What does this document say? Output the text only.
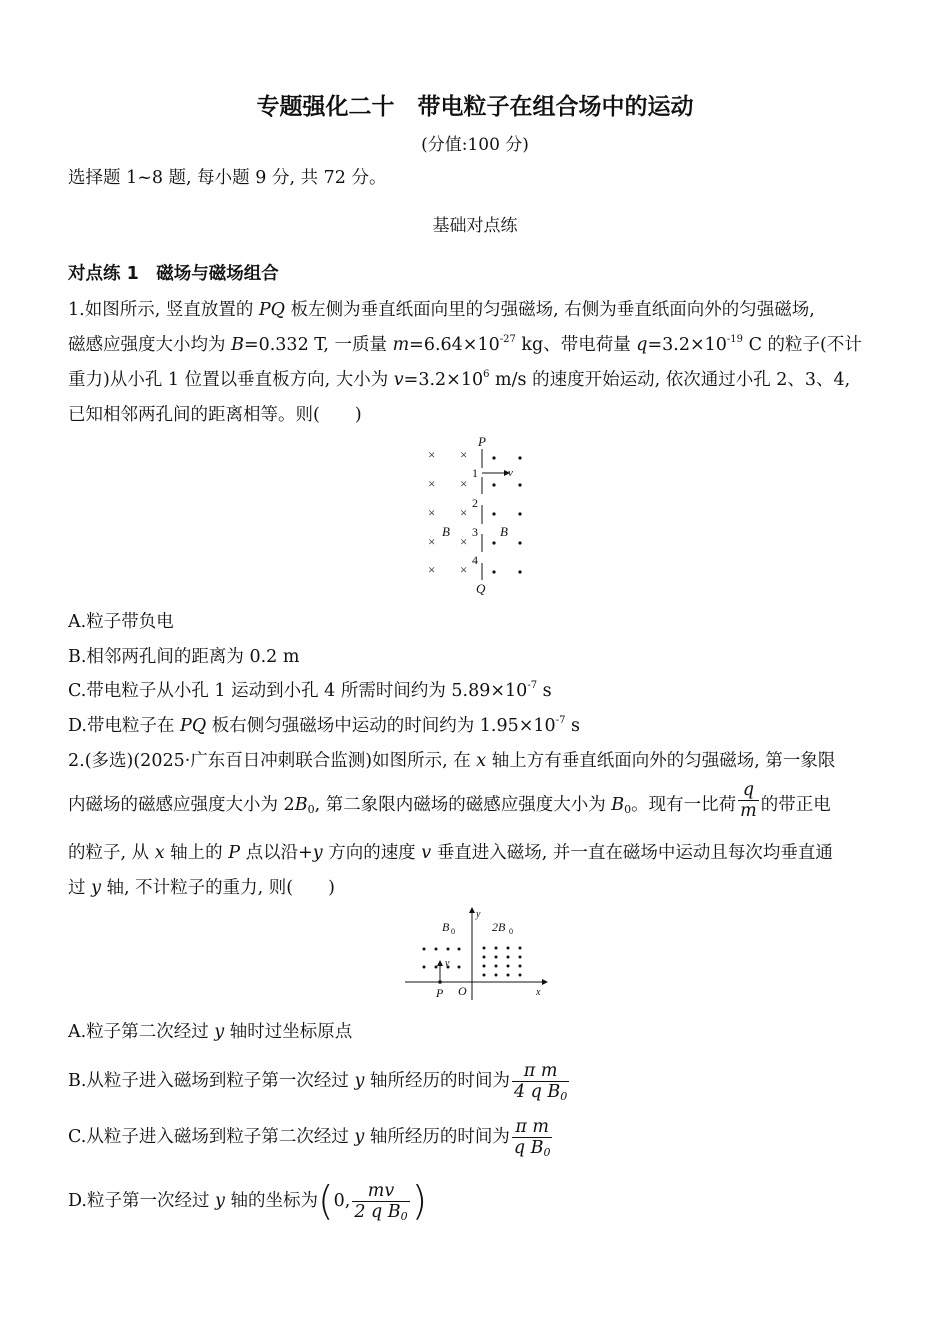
专题强化二十　带电粒子在组合场中的运动
(分值:100 分)
选择题 1~8 题, 每小题 9 分, 共 72 分。
基础对点练
对点练 1　磁场与磁场组合
1.如图所示, 竖直放置的 PQ 板左侧为垂直纸面向里的匀强磁场, 右侧为垂直纸面向外的匀强磁场,
磁感应强度大小均为 B=0.332 T, 一质量 $m=6.64\times 10^{-27}$ kg、带电荷量 $q=3.2\times 10^{-19}$ C 的粒子(不计
重力)从小孔 1 位置以垂直板方向, 大小为 $v=3.2\times 10^6$ m/s 的速度开始运动, 依次通过小孔 2、3、4,
已知相邻两孔间的距离相等。则(　　)
× ×
× ×
× ×
× ×
× ×
P
Q
v
B	B
1
2
3
4
A.粒子带负电
B.相邻两孔间的距离为 0.2 m
C.带电粒子从小孔 1 运动到小孔 4 所需时间约为 $5.89\times 10^{-7}$ s
D.带电粒子在 PQ 板右侧匀强磁场中运动的时间约为 $1.95\times 10^{-7}$ s
2.(多选)(2025·广东百日冲刺联合监测)如图所示, 在 x 轴上方有垂直纸面向外的匀强磁场, 第一象限
内磁场的磁感应强度大小为 $2B_0$, 第二象限内磁场的磁感应强度大小为 $B_0$。现有一比荷 $\frac{q}{m}$ 的带正电
的粒子, 从 x 轴上的 P 点以沿+y 方向的速度 v 垂直进入磁场, 并一直在磁场中运动且每次均垂直通
过 y 轴, 不计粒子的重力, 则(　　)
B 0	2B 0
y
x
v
P O
A.粒子第二次经过 y 轴时过坐标原点
B.从粒子进入磁场到粒子第一次经过 y 轴所经历的时间为 $\frac{\text{π m}}{4 q B_0}$
C.从粒子进入磁场到粒子第二次经过 y 轴所经历的时间为 $\frac{\text{π m}}{q B_0}$
D.粒子第一次经过 y 轴的坐标为(0, $\frac{mv}{2 q B_0}$ )
